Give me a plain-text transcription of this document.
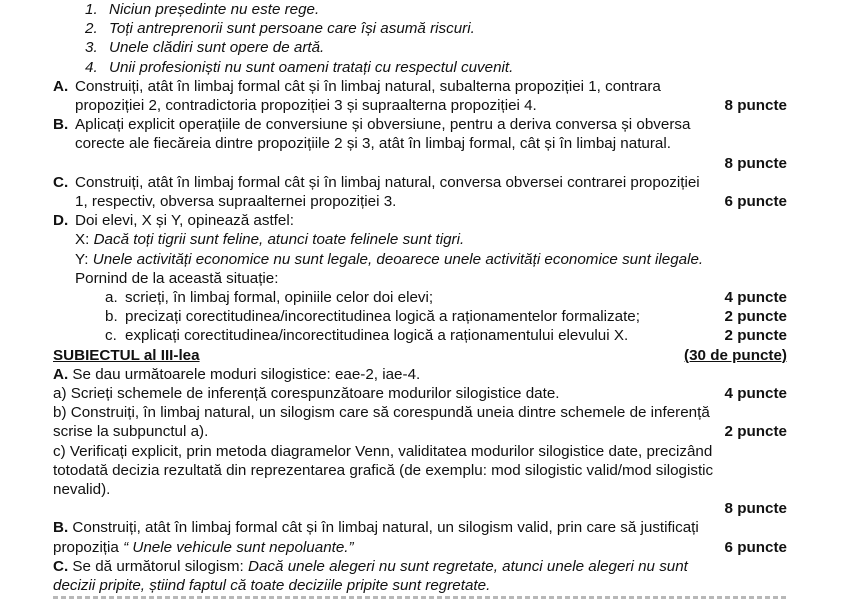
1. Niciun președinte nu este rege.
2. Toți antreprenorii sunt persoane care își asumă riscuri.
3. Unele clădiri sunt opere de artă.
4. Unii profesioniști nu sunt oameni tratați cu respectul cuvenit.
A. Construiți, atât în limbaj formal cât și în limbaj natural, subalterna propoziției 1, contrara
propoziției 2, contradictoria propoziției 3 și supraalterna propoziției 4.	8 puncte
B. Aplicați explicit operațiile de conversiune și obversiune, pentru a deriva conversa și obversa
corecte ale fiecăreia dintre propozițiile 2 și 3, atât în limbaj formal, cât și în limbaj natural.
8 puncte
C. Construiți, atât în limbaj formal cât și în limbaj natural, conversa obversei contrarei propoziției
1, respectiv, obversa supraalternei propoziției 3.	6 puncte
D. Doi elevi, X și Y, opinează astfel:
X: Dacă toți tigrii sunt feline, atunci toate felinele sunt tigri.
Y: Unele activități economice nu sunt legale, deoarece unele activități economice sunt ilegale.
Pornind de la această situație:
a. scrieți, în limbaj formal, opiniile celor doi elevi;	4 puncte
b. precizați corectitudinea/incorectitudinea logică a raționamentelor formalizate;	2 puncte
c. explicați corectitudinea/incorectitudinea logică a raționamentului elevului X.	2 puncte
SUBIECTUL al III-lea	(30 de puncte)
A. Se dau următoarele moduri silogistice: eae-2, iae-4.
a) Scrieți schemele de inferență corespunzătoare modurilor silogistice date.	4 puncte
b) Construiți, în limbaj natural, un silogism care să corespundă uneia dintre schemele de inferență
scrise la subpunctul a).	2 puncte
c) Verificați explicit, prin metoda diagramelor Venn, validitatea modurilor silogistice date, precizând
totodată decizia rezultată din reprezentarea grafică (de exemplu: mod silogistic valid/mod silogistic
nevalid).
8 puncte
B. Construiți, atât în limbaj formal cât și în limbaj natural, un silogism valid, prin care să justificați
propoziția “ Unele vehicule sunt nepoluante.”	6 puncte
C. Se dă următorul silogism: Dacă unele alegeri nu sunt regretate, atunci unele alegeri nu sunt
decizii pripite, știind faptul că toate deciziile pripite sunt regretate.
